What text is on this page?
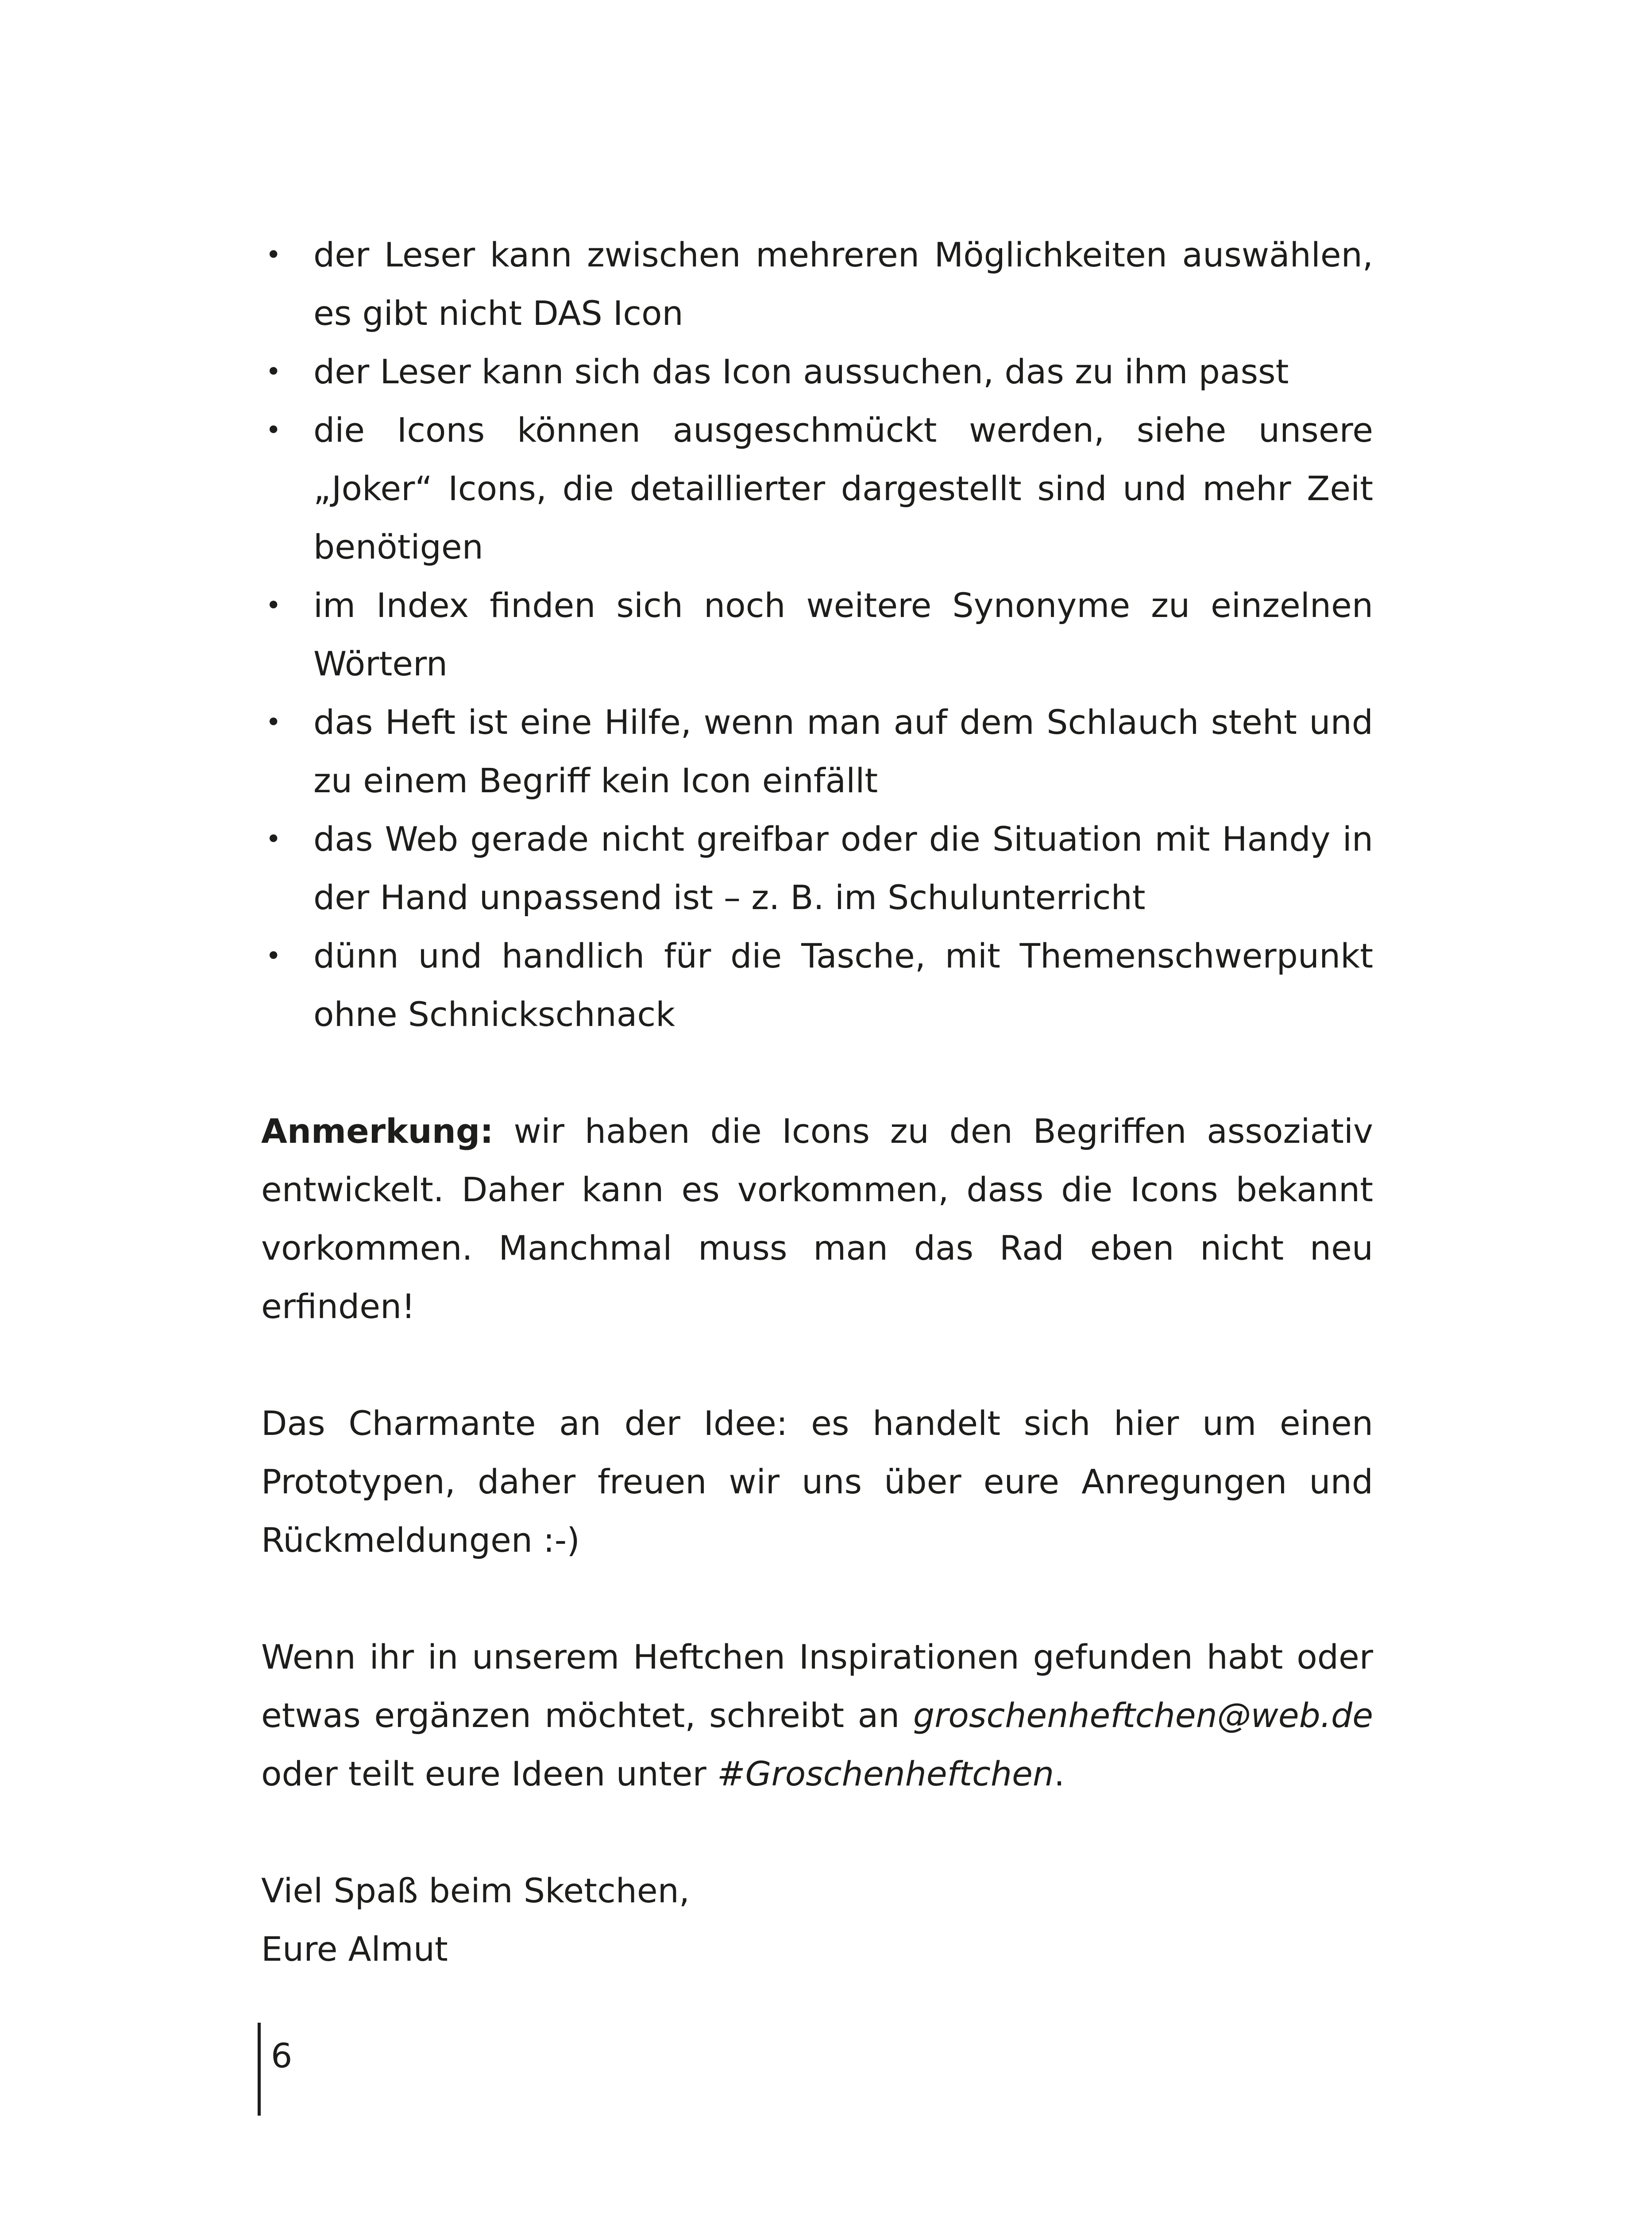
• der Leser kann zwischen mehreren Möglichkeiten auswählen, es gibt nicht DAS Icon
• der Leser kann sich das Icon aussuchen, das zu ihm passt
• die Icons können ausgeschmückt werden, siehe unsere „Joker“ Icons, die detaillierter dargestellt sind und mehr Zeit benötigen
• im Index finden sich noch weitere Synonyme zu einzelnen Wörtern
• das Heft ist eine Hilfe, wenn man auf dem Schlauch steht und zu einem Begriff kein Icon einfällt
• das Web gerade nicht greifbar oder die Situation mit Handy in der Hand unpassend ist – z. B. im Schulunterricht
• dünn und handlich für die Tasche, mit Themenschwerpunkt ohne Schnickschnack

Anmerkung: wir haben die Icons zu den Begriffen assoziativ entwickelt. Daher kann es vorkommen, dass die Icons bekannt vorkommen. Manchmal muss man das Rad eben nicht neu erfinden!

Das Charmante an der Idee: es handelt sich hier um einen Prototypen, daher freuen wir uns über eure Anregungen und Rückmeldungen :-)

Wenn ihr in unserem Heftchen Inspirationen gefunden habt oder etwas ergänzen möchtet, schreibt an groschenheftchen@web.de oder teilt eure Ideen unter #Groschenheftchen.

Viel Spaß beim Sketchen,
Eure Almut

6
